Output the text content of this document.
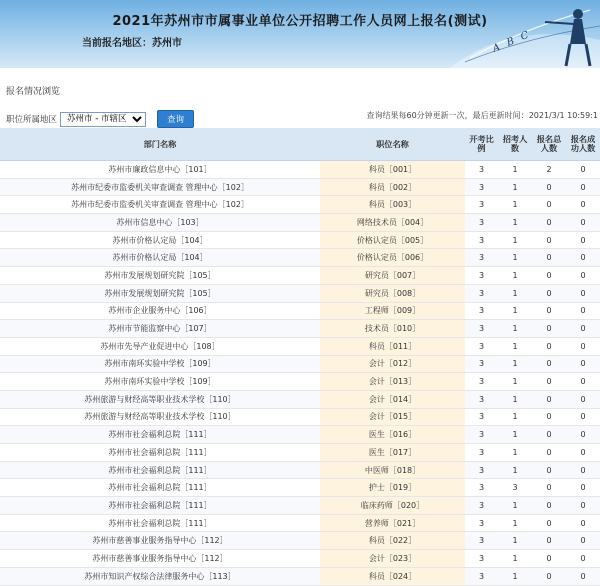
2021年苏州市市属事业单位公开招聘工作人员网上报名(测试)
当前报名地区：苏州市	A B C
报名情况浏览
职位所属地区
苏州市 - 市辖区	查询	查询结果每60分钟更新一次，最后更新时间：2021/3/1 10:59:1
部门名称	职位名称	开考比例	招考人数	报名总人数	报名成功人数
苏州市廉政信息中心［101］	科员［001］	3	1	2	0
苏州市纪委市监委机关审查调查 管理中心［102］	科员［002］	3	1	0	0
苏州市纪委市监委机关审查调查 管理中心［102］	科员［003］	3	1	0	0
苏州市信息中心［103］	网络技术员［004］	3	1	0	0
苏州市价格认定局［104］	价格认定员［005］	3	1	0	0
苏州市价格认定局［104］	价格认定员［006］	3	1	0	0
苏州市发展规划研究院［105］	研究员［007］	3	1	0	0
苏州市发展规划研究院［105］	研究员［008］	3	1	0	0
苏州市企业服务中心［106］	工程师［009］	3	1	0	0
苏州市节能监察中心［107］	技术员［010］	3	1	0	0
苏州市先导产业促进中心［108］	科员［011］	3	1	0	0
苏州市南环实验中学校［109］	会计［012］	3	1	0	0
苏州市南环实验中学校［109］	会计［013］	3	1	0	0
苏州旅游与财经高等职业技术学校［110］	会计［014］	3	1	0	0
苏州旅游与财经高等职业技术学校［110］	会计［015］	3	1	0	0
苏州市社会福利总院［111］	医生［016］	3	1	0	0
苏州市社会福利总院［111］	医生［017］	3	1	0	0
苏州市社会福利总院［111］	中医师［018］	3	1	0	0
苏州市社会福利总院［111］	护士［019］	3	3	0	0
苏州市社会福利总院［111］	临床药师［020］	3	1	0	0
苏州市社会福利总院［111］	营养师［021］	3	1	0	0
苏州市慈善事业服务指导中心［112］	科员［022］	3	1	0	0
苏州市慈善事业服务指导中心［112］	会计［023］	3	1	0	0
苏州市知识产权综合法律服务中心［113］	科员［024］	3	1	0	0
